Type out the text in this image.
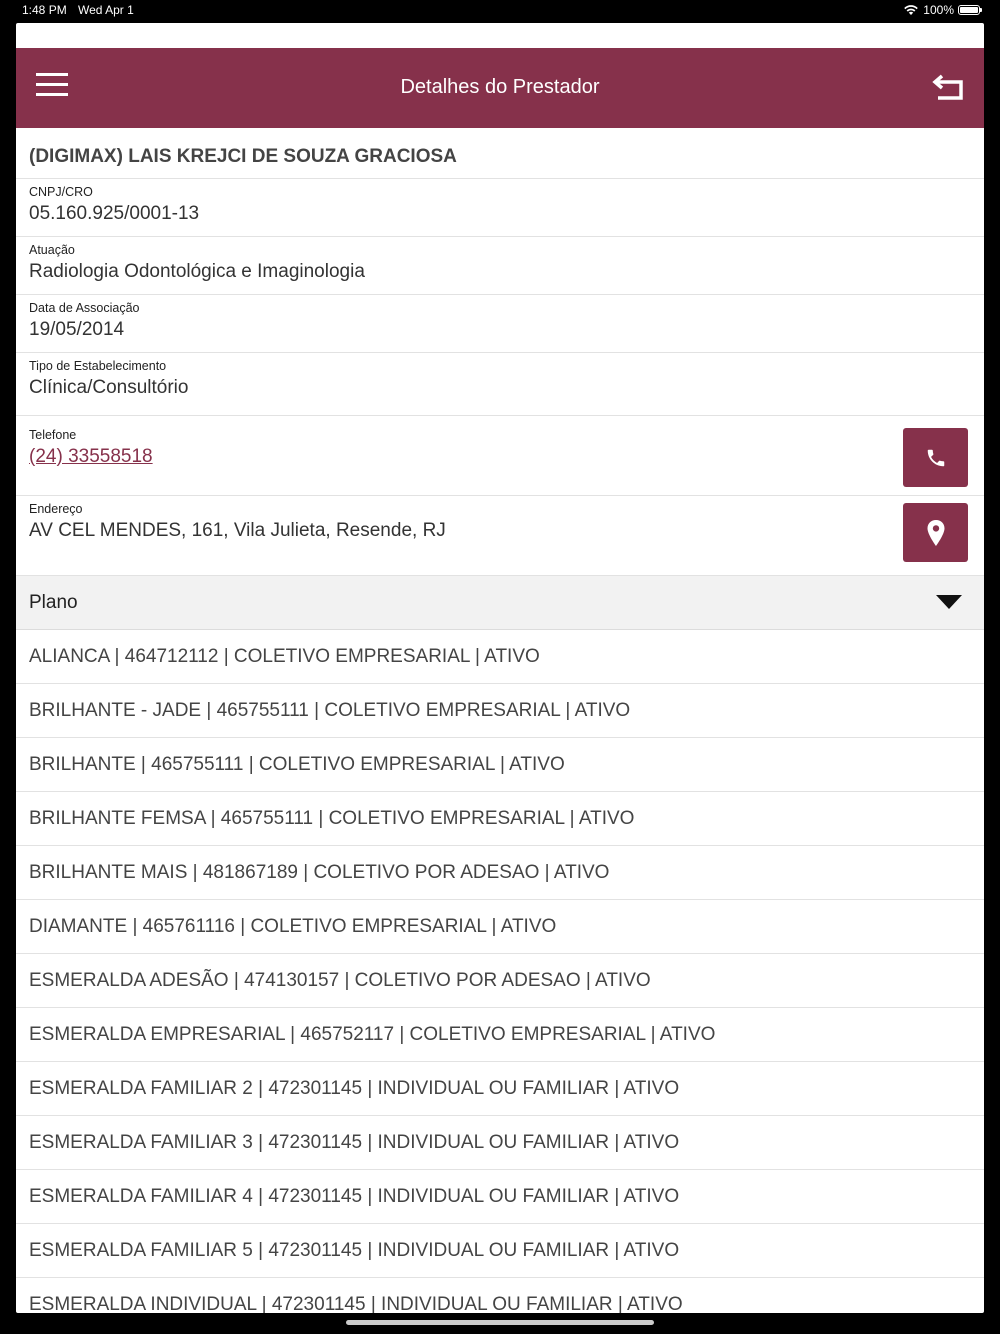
1:48 PM Wed Apr 1	100%
Detalhes do Prestador
(DIGIMAX) LAIS KREJCI DE SOUZA GRACIOSA
CNPJ/CRO
05.160.925/0001-13
Atuação
Radiologia Odontológica e Imaginologia
Data de Associação
19/05/2014
Tipo de Estabelecimento
Clínica/Consultório
Telefone
(24) 33558518
Endereço
AV CEL MENDES, 161, Vila Julieta, Resende, RJ
Plano
ALIANCA | 464712112 | COLETIVO EMPRESARIAL | ATIVO
BRILHANTE - JADE | 465755111 | COLETIVO EMPRESARIAL | ATIVO
BRILHANTE | 465755111 | COLETIVO EMPRESARIAL | ATIVO
BRILHANTE FEMSA | 465755111 | COLETIVO EMPRESARIAL | ATIVO
BRILHANTE MAIS | 481867189 | COLETIVO POR ADESAO | ATIVO
DIAMANTE | 465761116 | COLETIVO EMPRESARIAL | ATIVO
ESMERALDA ADESÃO | 474130157 | COLETIVO POR ADESAO | ATIVO
ESMERALDA EMPRESARIAL | 465752117 | COLETIVO EMPRESARIAL | ATIVO
ESMERALDA FAMILIAR 2 | 472301145 | INDIVIDUAL OU FAMILIAR | ATIVO
ESMERALDA FAMILIAR 3 | 472301145 | INDIVIDUAL OU FAMILIAR | ATIVO
ESMERALDA FAMILIAR 4 | 472301145 | INDIVIDUAL OU FAMILIAR | ATIVO
ESMERALDA FAMILIAR 5 | 472301145 | INDIVIDUAL OU FAMILIAR | ATIVO
ESMERALDA INDIVIDUAL | 472301145 | INDIVIDUAL OU FAMILIAR | ATIVO
